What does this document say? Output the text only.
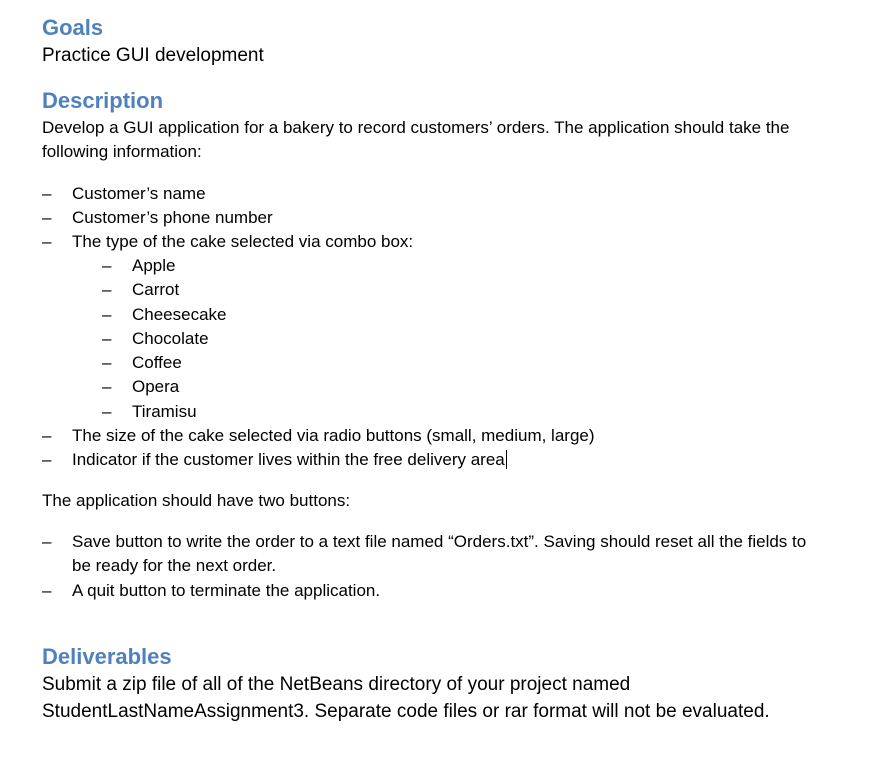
Goals

Practice GUI development

Description

Develop a GUI application for a bakery to record customers’ orders. The application should take the following information:

–	Customer’s name
–	Customer’s phone number
–	The type of the cake selected via combo box:
–	Apple
–	Carrot
–	Cheesecake
–	Chocolate
–	Coffee
–	Opera
–	Tiramisu
–	The size of the cake selected via radio buttons (small, medium, large)
–	Indicator if the customer lives within the free delivery area

The application should have two buttons:

–	Save button to write the order to a text file named “Orders.txt”. Saving should reset all the fields to be ready for the next order.
–	A quit button to terminate the application.
Deliverables

Submit a zip file of all of the NetBeans directory of your project named StudentLastNameAssignment3. Separate code files or rar format will not be evaluated.
